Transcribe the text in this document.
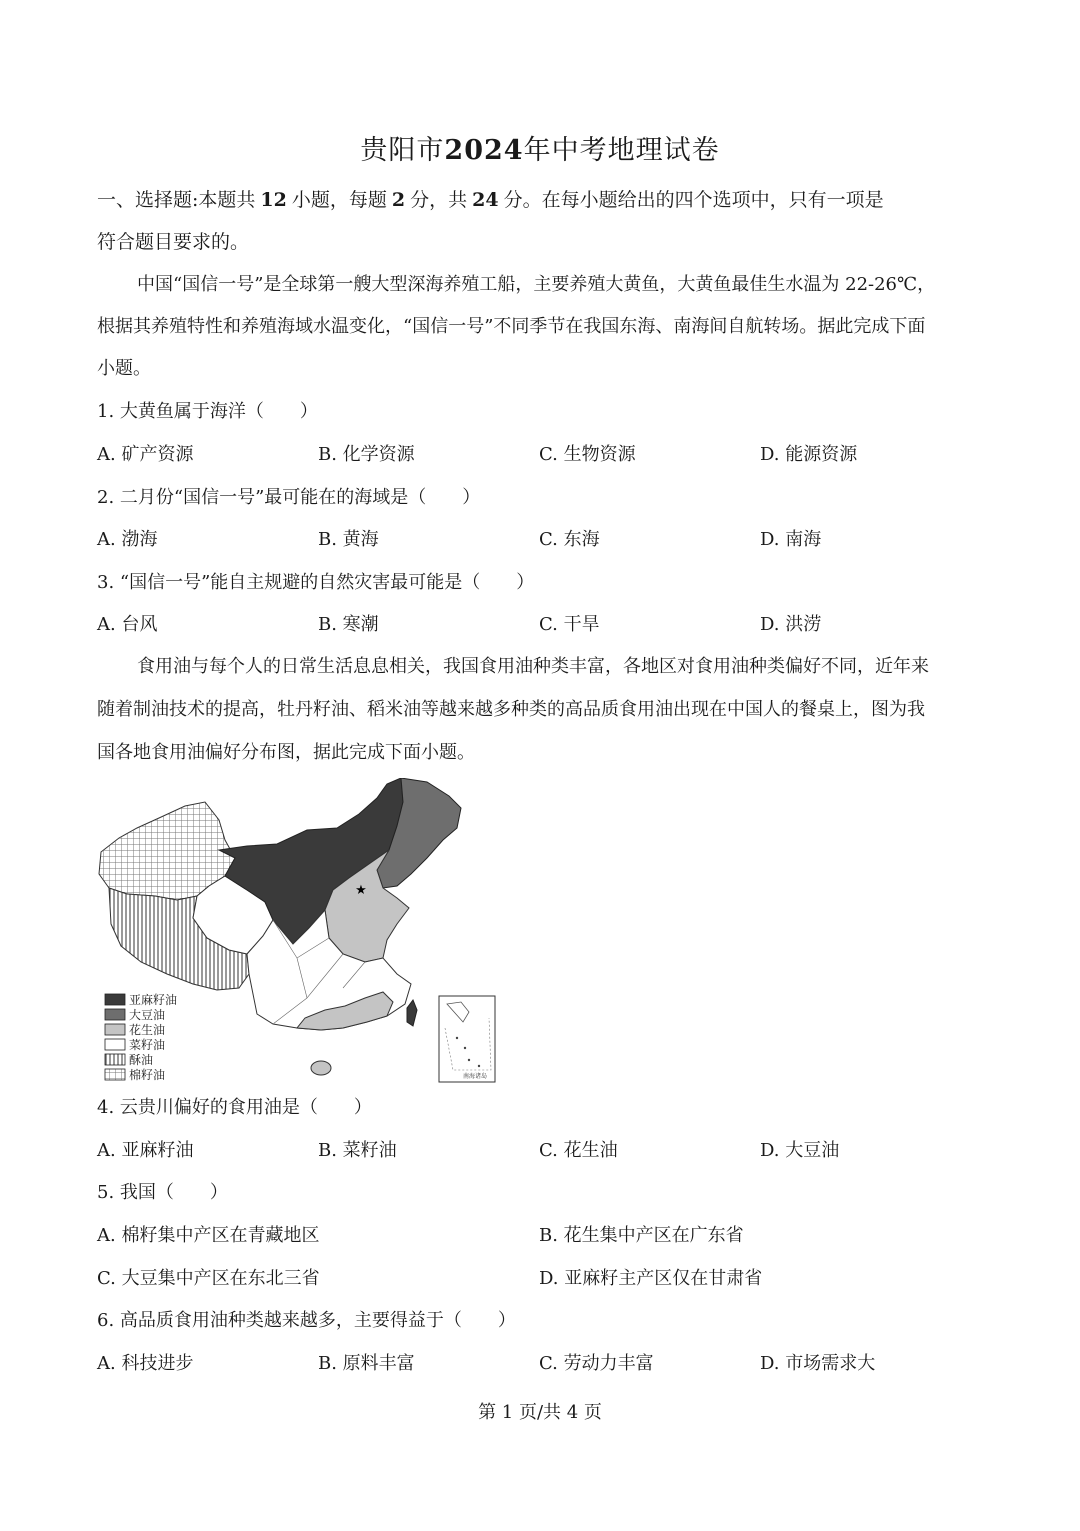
贵阳市2024年中考地理试卷
一、选择题:本题共 12 小题，每题 2 分，共 24 分。在每小题给出的四个选项中，只有一项是
符合题目要求的。
中国“国信一号”是全球第一艘大型深海养殖工船，主要养殖大黄鱼，大黄鱼最佳生水温为 22-26℃，
根据其养殖特性和养殖海域水温变化，“国信一号”不同季节在我国东海、南海间自航转场。据此完成下面
小题。
1. 大黄鱼属于海洋（　　）
A. 矿产资源	B. 化学资源	C. 生物资源	D. 能源资源
2. 二月份“国信一号”最可能在的海域是（　　）
A. 渤海	B. 黄海	C. 东海	D. 南海
3. “国信一号”能自主规避的自然灾害最可能是（　　）
A. 台风	B. 寒潮	C. 干旱	D. 洪涝
食用油与每个人的日常生活息息相关，我国食用油种类丰富，各地区对食用油种类偏好不同，近年来
随着制油技术的提高，牡丹籽油、稻米油等越来越多种类的高品质食用油出现在中国人的餐桌上，图为我
国各地食用油偏好分布图，据此完成下面小题。
★
南海诸岛
亚麻籽油
大豆油
花生油
菜籽油
酥油
棉籽油
4. 云贵川偏好的食用油是（　　）
A. 亚麻籽油	B. 菜籽油	C. 花生油	D. 大豆油
5. 我国（　　）
A. 棉籽集中产区在青藏地区	B. 花生集中产区在广东省
C. 大豆集中产区在东北三省	D. 亚麻籽主产区仅在甘肃省
6. 高品质食用油种类越来越多，主要得益于（　　）
A. 科技进步	B. 原料丰富	C. 劳动力丰富	D. 市场需求大
第 1 页/共 4 页
